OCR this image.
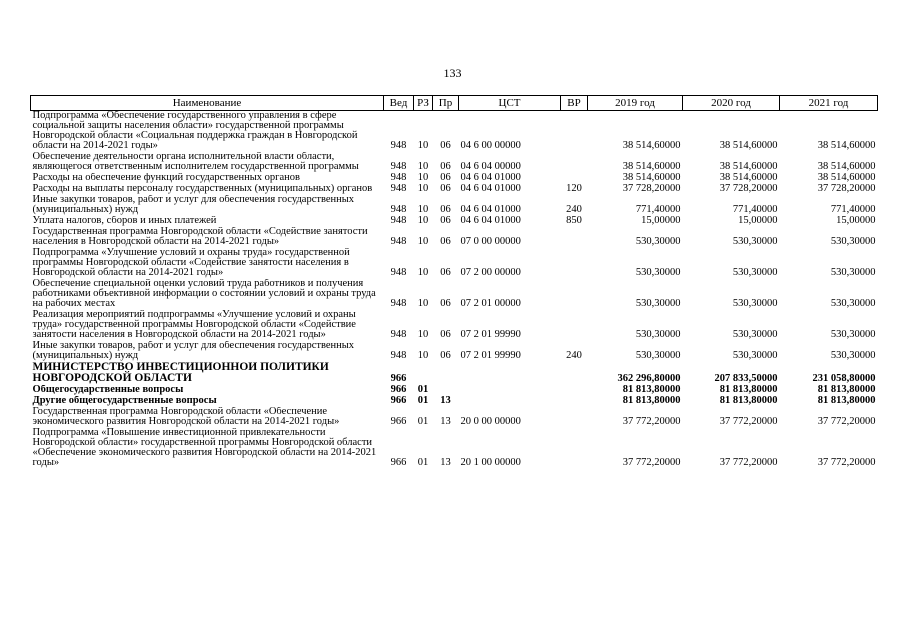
133
Наименование	Вед	РЗ	Пр	ЦСТ	ВР	2019 год	2020 год	2021 год
Подпрограмма «Обеспечение государственного управления в сфере социальной защиты населения области» государственной программы Новгородской области «Социальная поддержка граждан в Новгородской области на 2014-2021 годы»	948	10	06	04 6 00 00000		38 514,60000	38 514,60000	38 514,60000
Обеспечение деятельности органа исполнительной власти области, являющегося ответственным исполнителем государственной программы	948	10	06	04 6 04 00000		38 514,60000	38 514,60000	38 514,60000
Расходы на обеспечение функций государственных органов	948	10	06	04 6 04 01000		38 514,60000	38 514,60000	38 514,60000
Расходы на выплаты персоналу государственных (муниципальных) органов	948	10	06	04 6 04 01000	120	37 728,20000	37 728,20000	37 728,20000
Иные закупки товаров, работ и услуг для обеспечения государственных (муниципальных) нужд	948	10	06	04 6 04 01000	240	771,40000	771,40000	771,40000
Уплата налогов, сборов и иных платежей	948	10	06	04 6 04 01000	850	15,00000	15,00000	15,00000
Государственная программа Новгородской области «Содействие занятости населения в Новгородской области на 2014-2021 годы»	948	10	06	07 0 00 00000		530,30000	530,30000	530,30000
Подпрограмма «Улучшение условий и охраны труда» государственной программы Новгородской области «Содействие занятости населения в Новгородской области на 2014-2021 годы»	948	10	06	07 2 00 00000		530,30000	530,30000	530,30000
Обеспечение специальной оценки условий труда работников и получения работниками объективной информации о состоянии условий и охраны труда на рабочих местах	948	10	06	07 2 01 00000		530,30000	530,30000	530,30000
Реализация мероприятий подпрограммы «Улучшение условий и охраны труда» государственной программы Новгородской области «Содействие занятости населения в Новгородской области на 2014-2021 годы»	948	10	06	07 2 01 99990		530,30000	530,30000	530,30000
Иные закупки товаров, работ и услуг для обеспечения государственных (муниципальных) нужд	948	10	06	07 2 01 99990	240	530,30000	530,30000	530,30000
МИНИСТЕРСТВО ИНВЕСТИЦИОННОЙ ПОЛИТИКИ НОВГОРОДСКОЙ ОБЛАСТИ	966					362 296,80000	207 833,50000	231 058,80000
Общегосударственные вопросы	966	01				81 813,80000	81 813,80000	81 813,80000
Другие общегосударственные вопросы	966	01	13			81 813,80000	81 813,80000	81 813,80000
Государственная программа Новгородской области «Обеспечение экономического развития Новгородской области на 2014-2021 годы»	966	01	13	20 0 00 00000		37 772,20000	37 772,20000	37 772,20000
Подпрограмма «Повышение инвестиционной привлекательности Новгородской области» государственной программы Новгородской области «Обеспечение экономического развития Новгородской области на 2014-2021 годы»	966	01	13	20 1 00 00000		37 772,20000	37 772,20000	37 772,20000
